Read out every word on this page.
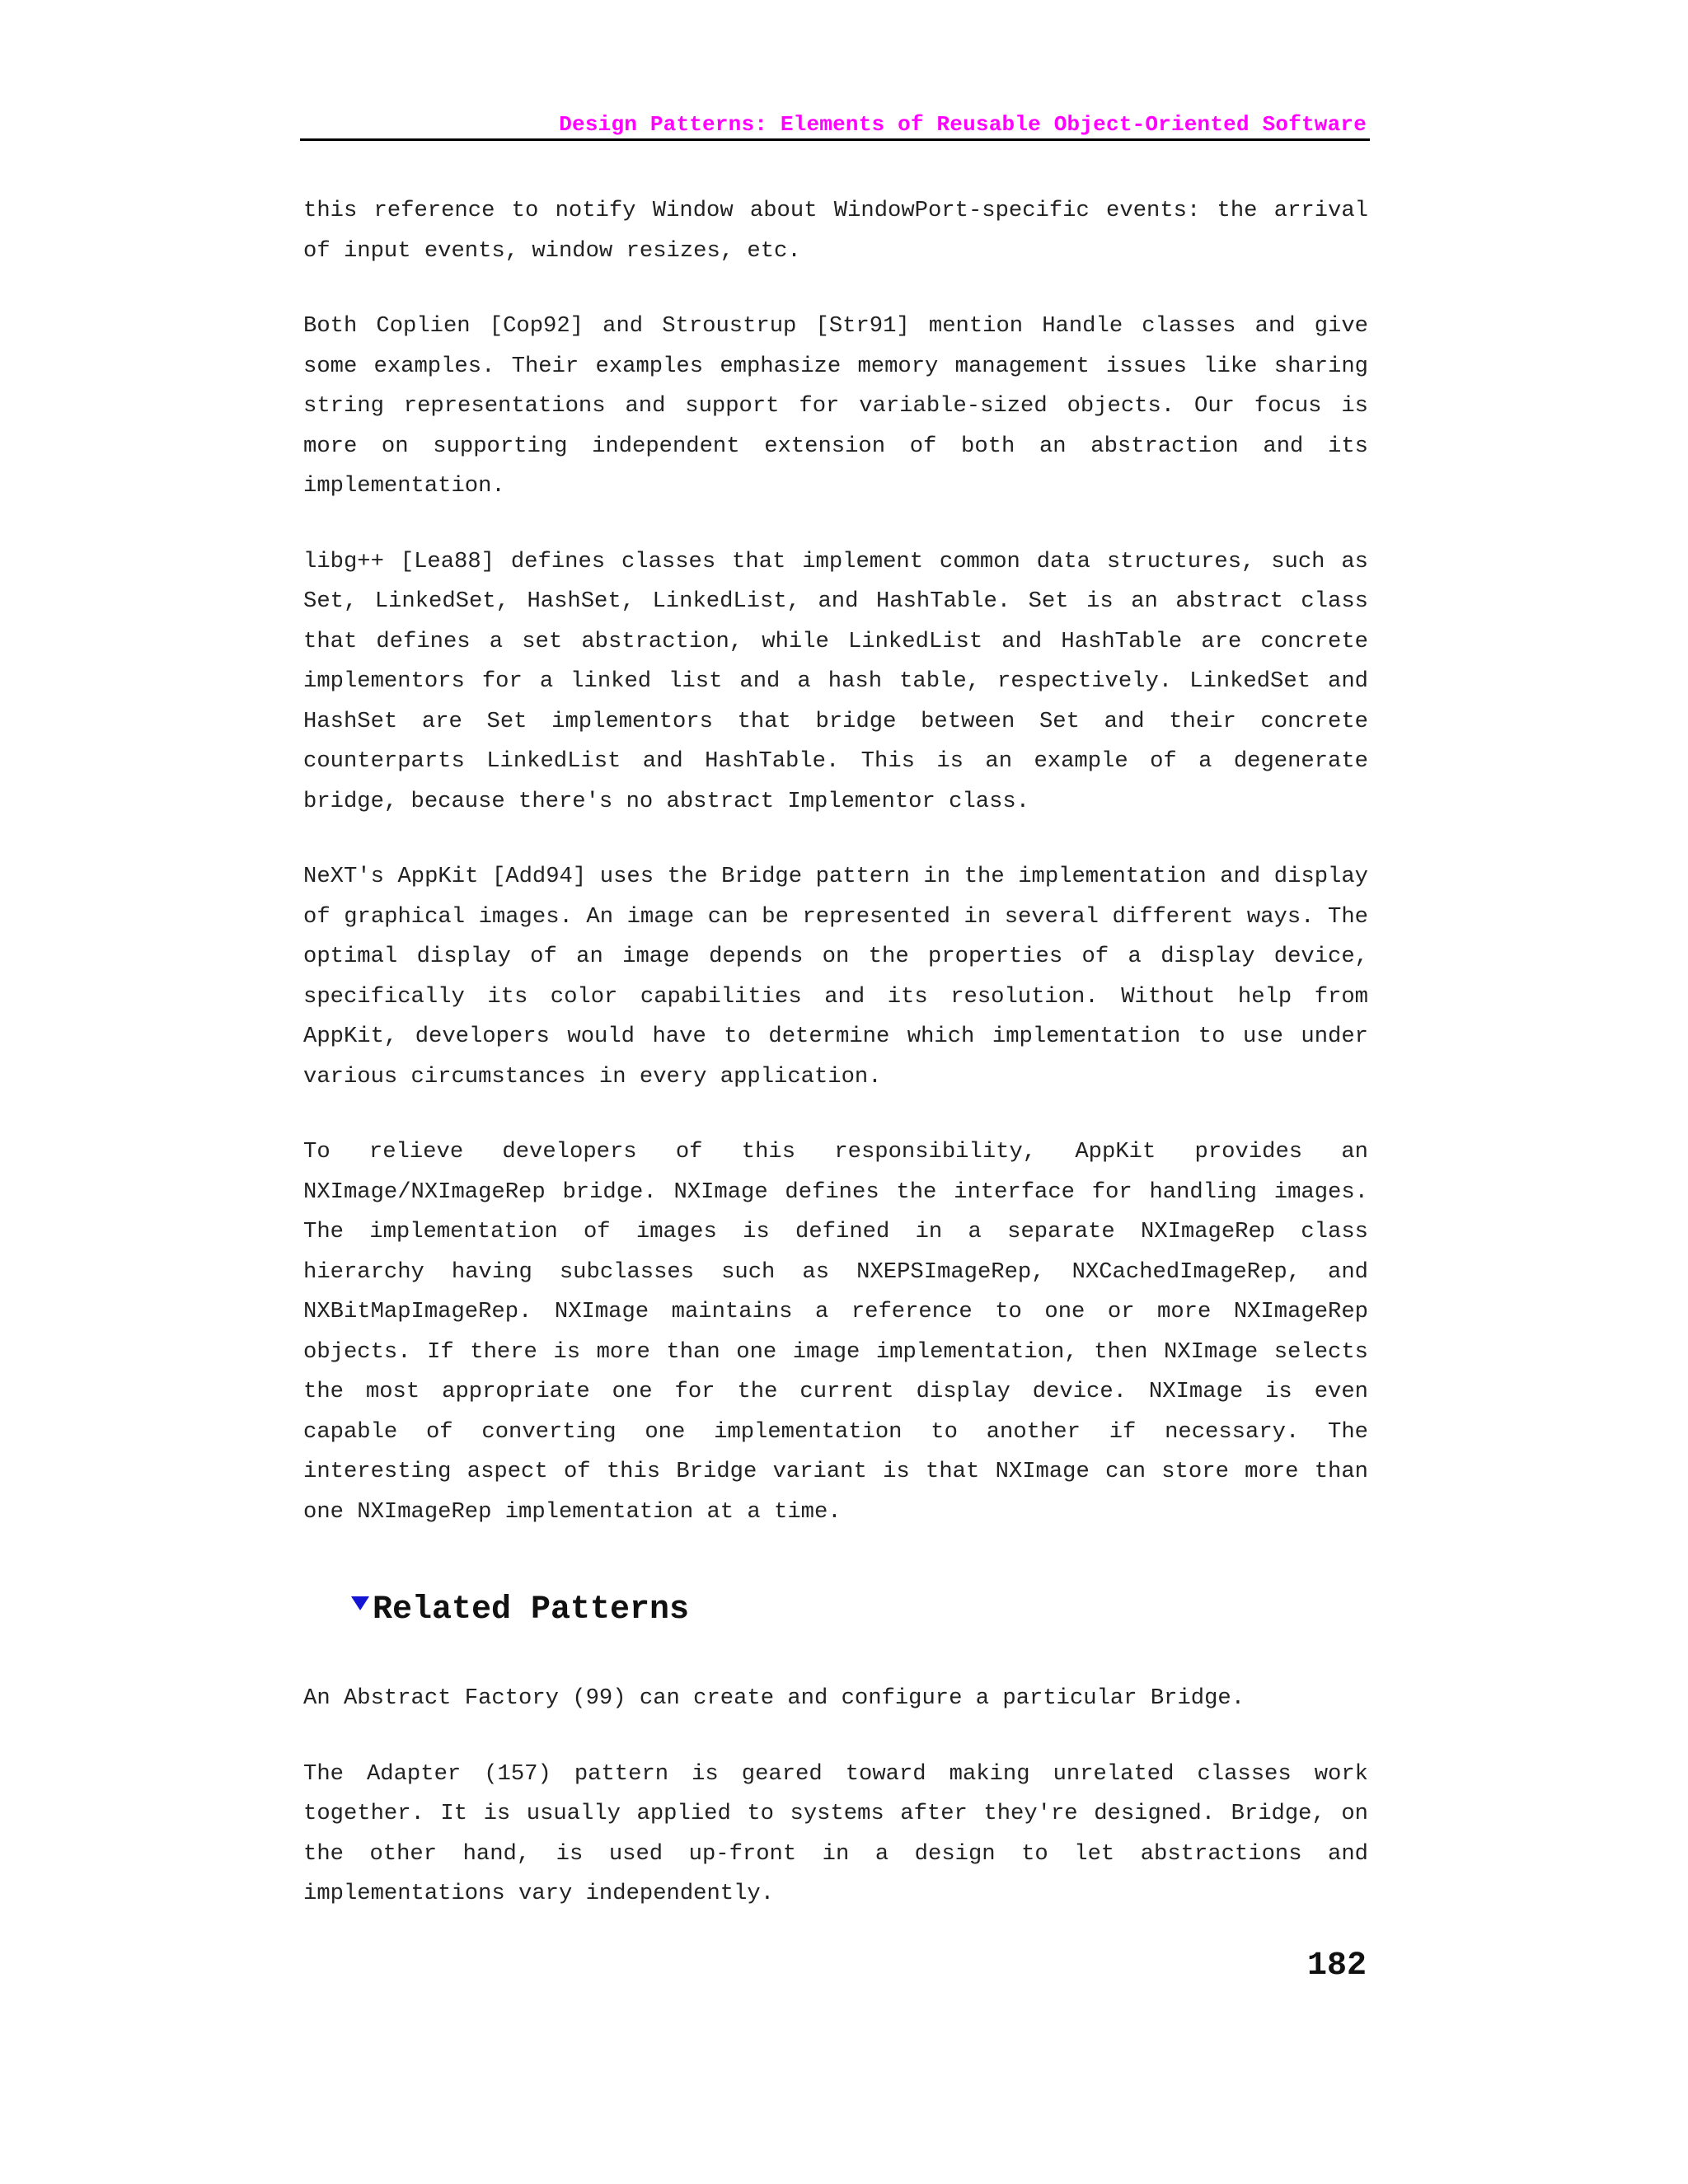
Design Patterns: Elements of Reusable Object-Oriented Software

this reference to notify Window about WindowPort-specific events: the arrival of input events, window resizes, etc.

Both Coplien [Cop92] and Stroustrup [Str91] mention Handle classes and give some examples. Their examples emphasize memory management issues like sharing string representations and support for variable-sized objects. Our focus is more on supporting independent extension of both an abstraction and its implementation.

libg++ [Lea88] defines classes that implement common data structures, such as Set, LinkedSet, HashSet, LinkedList, and HashTable. Set is an abstract class that defines a set abstraction, while LinkedList and HashTable are concrete implementors for a linked list and a hash table, respectively. LinkedSet and HashSet are Set implementors that bridge between Set and their concrete counterparts LinkedList and HashTable. This is an example of a degenerate bridge, because there's no abstract Implementor class.

NeXT's AppKit [Add94] uses the Bridge pattern in the implementation and display of graphical images. An image can be represented in several different ways. The optimal display of an image depends on the properties of a display device, specifically its color capabilities and its resolution. Without help from AppKit, developers would have to determine which implementation to use under various circumstances in every application.

To relieve developers of this responsibility, AppKit provides an NXImage/NXImageRep bridge. NXImage defines the interface for handling images. The implementation of images is defined in a separate NXImageRep class hierarchy having subclasses such as NXEPSImageRep, NXCachedImageRep, and NXBitMapImageRep. NXImage maintains a reference to one or more NXImageRep objects. If there is more than one image implementation, then NXImage selects the most appropriate one for the current display device. NXImage is even capable of converting one implementation to another if necessary. The interesting aspect of this Bridge variant is that NXImage can store more than one NXImageRep implementation at a time.

Related Patterns

An Abstract Factory (99) can create and configure a particular Bridge.

The Adapter (157) pattern is geared toward making unrelated classes work together. It is usually applied to systems after they're designed. Bridge, on the other hand, is used up-front in a design to let abstractions and implementations vary independently.

182
